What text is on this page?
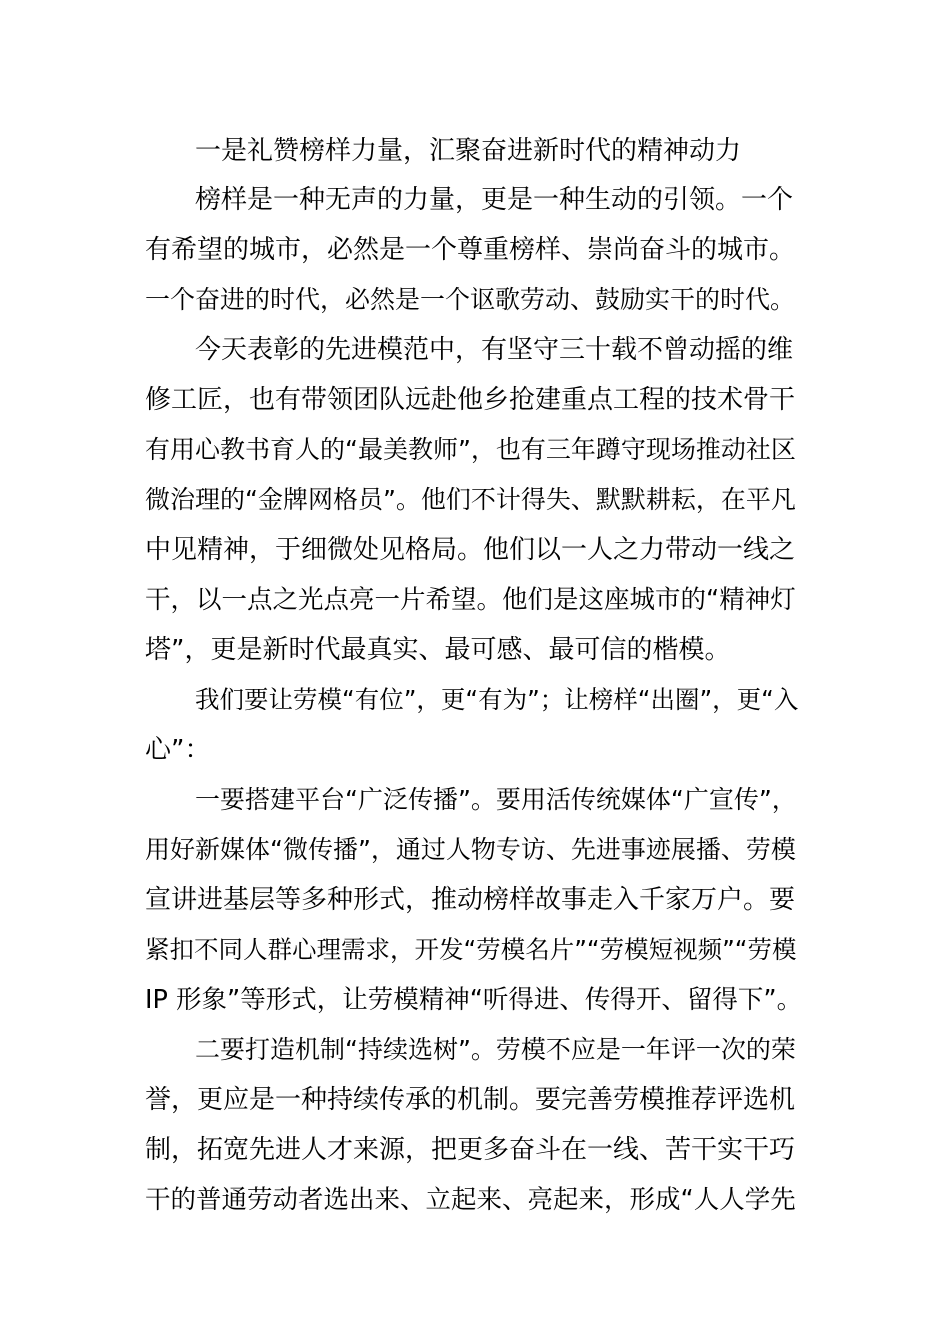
一是礼赞榜样力量，汇聚奋进新时代的精神动力
榜样是一种无声的力量，更是一种生动的引领。一个
有希望的城市，必然是一个尊重榜样、崇尚奋斗的城市。
一个奋进的时代，必然是一个讴歌劳动、鼓励实干的时代。
今天表彰的先进模范中，有坚守三十载不曾动摇的维
修工匠，也有带领团队远赴他乡抢建重点工程的技术骨干
有用心教书育人的“最美教师”，也有三年蹲守现场推动社区
微治理的“金牌网格员”。他们不计得失、默默耕耘，在平凡
中见精神，于细微处见格局。他们以一人之力带动一线之
干，以一点之光点亮一片希望。他们是这座城市的“精神灯
塔”，更是新时代最真实、最可感、最可信的楷模。
我们要让劳模“有位”，更“有为”；让榜样“出圈”，更“入
心”：
一要搭建平台“广泛传播”。要用活传统媒体“广宣传”，
用好新媒体“微传播”，通过人物专访、先进事迹展播、劳模
宣讲进基层等多种形式，推动榜样故事走入千家万户。要
紧扣不同人群心理需求，开发“劳模名片”“劳模短视频”“劳模
IP 形象”等形式，让劳模精神“听得进、传得开、留得下”。
二要打造机制“持续选树”。劳模不应是一年评一次的荣
誉，更应是一种持续传承的机制。要完善劳模推荐评选机
制，拓宽先进人才来源，把更多奋斗在一线、苦干实干巧
干的普通劳动者选出来、立起来、亮起来，形成“人人学先
